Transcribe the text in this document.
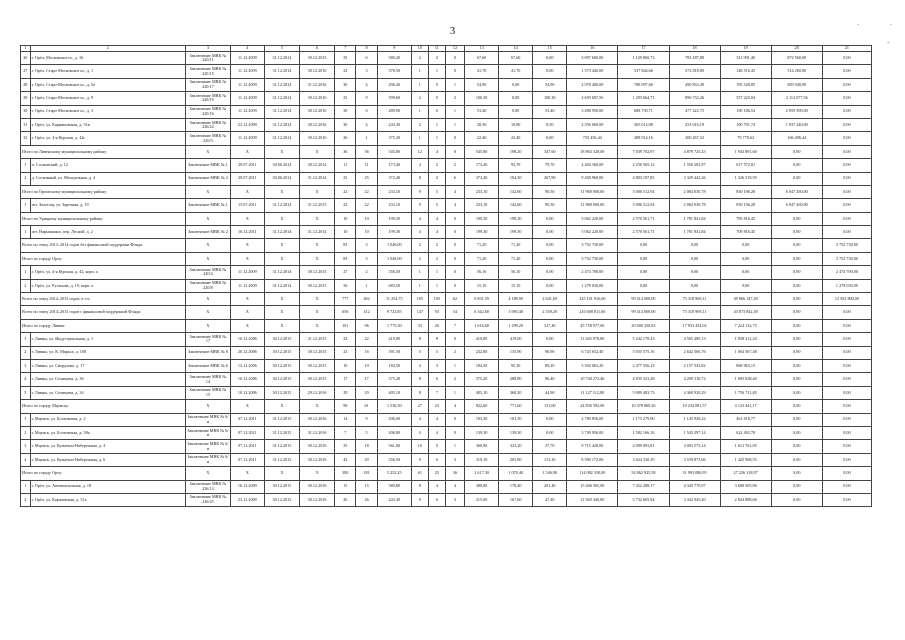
3
.
-
.
1	2	3	4	5	6	7	8	9	10	11	12	13	14	15	16	17	18	19	20	21
26	г. Орёл, Московское ш., д. 16	Заключение МВК № 220/11	11.12.2009	31.12.2014	30.12.2015	35	6	580,20	2	2	0	67,60	67,60	0,00	3 097 600,00	1 129 860,73	783 187,88	311 991,40	872 560,00	0,00
27	г. Орёл, Старо-Московское ш., д. 1	Заключение МВК № 220/15	11.12.2009	31.12.2014	30.12.2016	22	3	378,50	1	1	0	41,70	41,70	0,00	1 573 440,00	537 844,66	372 818,89	148 516,45	514 260,00	0,00
28	г. Орёл, Старо-Московское ш., д. 5а	Заключение МВК № 220/17	11.12.2009	31.12.2014	31.12.2016	30	4	296,40	1	0	1	54,90	0,00	54,90	2 078 400,00	708 097,66	490 833,49	195 528,85	683 940,00	0,00
29	г. Орёл, Старо-Московское ш., д. 9	Заключение МВК № 220/19	11.12.2009	31.12.2014	30.12.2016	25	9	599,60	2	0	2	100,30	0,00	100,30	4 659 697,56	1 293 664,73	896 732,26	357 223,04	2 112 077,56	0,00
30	г. Орёл, Старо-Московское ш., д. 3	Заключение МВК № 220/16	11.12.2009	31.12.2014	30.12.2016	30	6	289,90	1	0	1	53,40	0,00	53,40	3 498 950,00	688 750,71	477 422,75	190 186,54	2 059 590,00	0,00
31	г. Орёл, ул. Кармановская, д. 51в	Заключение МВК № 226/24	23.12.2009	31.12.2014	30.12.2016	30	4	243,30	2	1	1	28,30	19,80	8,50	2 556 060,00	365 012,08	253 016,18	100 791,74	1 837 240,00	0,00
32	г. Орёл, ул. 4-я Курская, д. 42г	Заключение МВК № 220/3	11.12.2009	31.12.2014	30.12.2016	26	1	375,30	1	1	0	22,40	22,40	0,00	735 456,44	288 914,16	200 267,32	79 778,62	166 496,44	0,00
Итого по Ливенскому муниципальному району:		X	X	X	X	36	36	545,80	12	4	8	545,80	198,20	347,60	18 863 320,00	7 039 702,97	4 879 725,43	1 943 891,60	0,00	0,00
1	п. Сосновский, д. 12	Заключение МВК № 1	29.07.2011	30.06.2014	30.12.2014	11	11	173,40	4	2	2	173,40	93,70	79,70	4 404 360,00	2 256 505,12	1 550 282,87	617 572,01	0,00	0,00
2	д. Сосковный, ул. Молодежная, д. 4	Заключение МВК № 2	29.07.2011	30.06.2014	31.12.2014	25	25	372,40	8	2	6	372,40	104,50	267,90	9 458 960,00	4 803 197,85	3 329 442,26	1 326 319,59	0,00	0,00
Итого по Орловскому муниципальному району:		X	X	X	X	22	22	233,10	9	5	4	233,10	142,60	90,50	11 968 000,00	3 006 512,94	2 084 030,78	830 196,28	6 047 260,00	0,00
1	пгт. Залегощ, ул. Заречная, д. 19	Заключение МВК № 1	15.07.2011	31.12.2014	31.12.2015	22	22	233,10	9	5	4	233,10	142,60	90,50	11 968 000,00	3 006 512,94	2 084 030,78	830 196,28	6 047 260,00	0,00
Итого по Урицкому муниципальному району:		X	X	X	X	10	10	199,30	4	4	0	199,30	199,30	0,00	5 062 220,00	2 570 561,71	1 781 841,84	709 816,45	0,00	0,00
1	пгт. Нарышкино, пер. Лесной, д. 2	Заключение МВК № 2	16.12.2011	31.12.2014	31.12.2014	10	10	199,30	4	4	0	199,30	199,30	0,00	5 062 220,00	2 570 561,71	1 781 841,84	709 816,45	0,00	0,00
Всего по этапу 2013–2014 годов без финансовой поддержки Фонда:		X	X	X	X	83	3	1 040,00	2	2	0	71,20	71,20	0,00	3 752 730,00	0,00	0,00	0,00	0,00	3 752 730,00
Итого по городу Орлу:		X	X	X	X	83	3	1 040,00	2	2	0	71,20	71,20	0,00	3 752 730,00	0,00	0,00	0,00	0,00	3 752 730,00
1	г. Орёл, ул. 4-я Курская, д. 42, корп. а	Заключение МВК № 220/4	11.12.2009	31.12.2014	30.12.2015	27	2	356,50	1	1	0	56,10	56,10	0,00	2 474 700,00	0,00	0,00	0,00	0,00	2 474 700,00
2	г. Орёл, ул. Русанова, д. 19, корп. а	Заключение МВК № 220/8	11.12.2009	31.12.2014	30.12.2015	56	1	683,50	1	1	0	15,10	15,10	0,00	1 278 030,00	0,00	0,00	0,00	0,00	1 278 030,00
Всего по этапу 2014–2015 годов, в т.ч.:		X	X	X	X	777	462	11 254,75	165	103	62	6 831,59	4 189,90	2 641,69	225 101 916,60	99 414 000,00	73 318 969,11	49 866 147,49	0,00	12 502 800,00
Всего по этапу 2014–2015 годов с финансовой поддержкой Фонда:		X	X	X	X	656	412	9 723,85	147	93	54	6 342,60	3 983,40	2 359,20	216 608 811,60	99 414 000,00	73 318 969,11	43 873 842,49	0,00	0,00
Итого по городу Ливны:		X	X	X	X	101	96	1 775,30	33	26	7	1 616,60	1 299,20	317,40	45 758 077,60	20 600 350,83	17 933 434,02	7 224 132,75	0,00	0,00
1	г. Ливны, ул. Индустриальная, д. 1	Заключение МВК № 17	10.12.2006	30.12.2015	31.12.2015	22	22	419,00	8	8	0	419,00	419,00	0,00	11 645 978,80	5 242 178,43	4 565 480,13	1 838 312,24	0,00	0,00
2	г. Ливны, ул. К. Маркса, д. 100	Заключение МВК № 8	20.12.2006	30.12.2015	30.12.2015	23	16	391,50	5	3	2	232,80	135,90	96,90	6 743 652,40	3 035 575,16	2 642 566,76	1 064 567,48	0,00	0,00
3	г. Ливны, ул. Свердлова, д. 17	Заключение МВК № 6	14.12.2006	30.12.2015	30.12.2015	10	10	184,50	4	3	1	184,50	95,30	89,20	5 504 063,20	2 477 556,23	2 157 543,82	868 963,15	0,00	0,00
4	г. Ливны, ул. Селищева, д. 36	Заключение МВК № 14	10.12.2006	30.12.2015	30.12.2015	17	17	375,20	8	6	2	375,20	288,80	86,40	10 740 272,40	4 835 323,28	4 209 310,72	1 695 638,40	0,00	0,00
5	г. Ливны, ул. Селищева, д. 34	Заключение МВК № 15	10.12.2006	30.12.2015	29.12.2016	29	29	405,10	8	7	1	405,10	360,20	44,90	11 127 112,80	5 009 483,73	4 360 920,29	1 756 711,48	0,00	0,00
Итого по городу Мценску:		X	X	X	X	99	61	1 530,30	27	23	4	922,60	771,60	151,00	24 836 392,00	10 478 869,26	10 234 081,57	4 123 441,17	0,00	0,00
1	г. Мценск, ул. Болховская, д. 2	Заключение МВК № 6/и	07.12.2011	31.12.2015	30.12.2016	14	9	206,00	4	4	0	103,30	103,30	0,00	2 780 856,00	1 173 279,00	1 145 928,22	461 618,77	0,00	0,00
2	г. Мценск, ул. Болховская, д. 58а	Заключение МВК № 6/и	07.12.2011	31.12.2015	31.12.2016	7	5	206,80	4	4	0	139,30	139,30	0,00	3 749 956,00	1 582 166,16	1 545 297,14	622 492,70	0,00	0,00
3	г. Мценск, ул. Кузнечно-Набережная, д. 4	Заключение МВК № 6/и	07.12.2011	31.12.2015	30.12.2016	35	18	561,00	10	9	1	360,90	323,20	37,70	9 715 428,00	4 099 093,81	4 003 573,14	1 612 761,05	0,00	0,00
4	г. Мценск, ул. Кузнечно-Набережная, д. 6	Заключение МВК № 6/и	07.12.2011	31.12.2015	30.12.2016	43	29	556,50	9	6	3	319,10	205,80	113,30	8 590 172,00	3 624 330,39	3 539 873,06	1 425 968,55	0,00	0,00
Итого по городу Орлу:		X	X	X	X	380	181	5 252,25	61	25	36	2 617,30	1 070,40	1 546,90	114 082 330,00	54 862 925,58	31 993 086,95	27 226 318,97	0,00	0,00
1	г. Орёл, ул. Автовокзальная, д. 18	Заключение МВК № 226/14	16.12.2009	30.12.2015	30.12.2016	15	15	380,80	8	4	4	380,80	178,40	201,40	15 406 365,00	7 452 288,17	4 345 770,97	3 608 305,86	0,00	0,00
2	г. Орёл, ул. Карачевская, д. 51а	Заключение МВК № 226/25	23.12.2009	30.12.2015	30.12.2016	26	26	243,30	9	6	3	215,00	167,60	47,40	11 920 440,00	5 732 605,94	3 342 945,40	2 844 888,66	0,00	0,00
